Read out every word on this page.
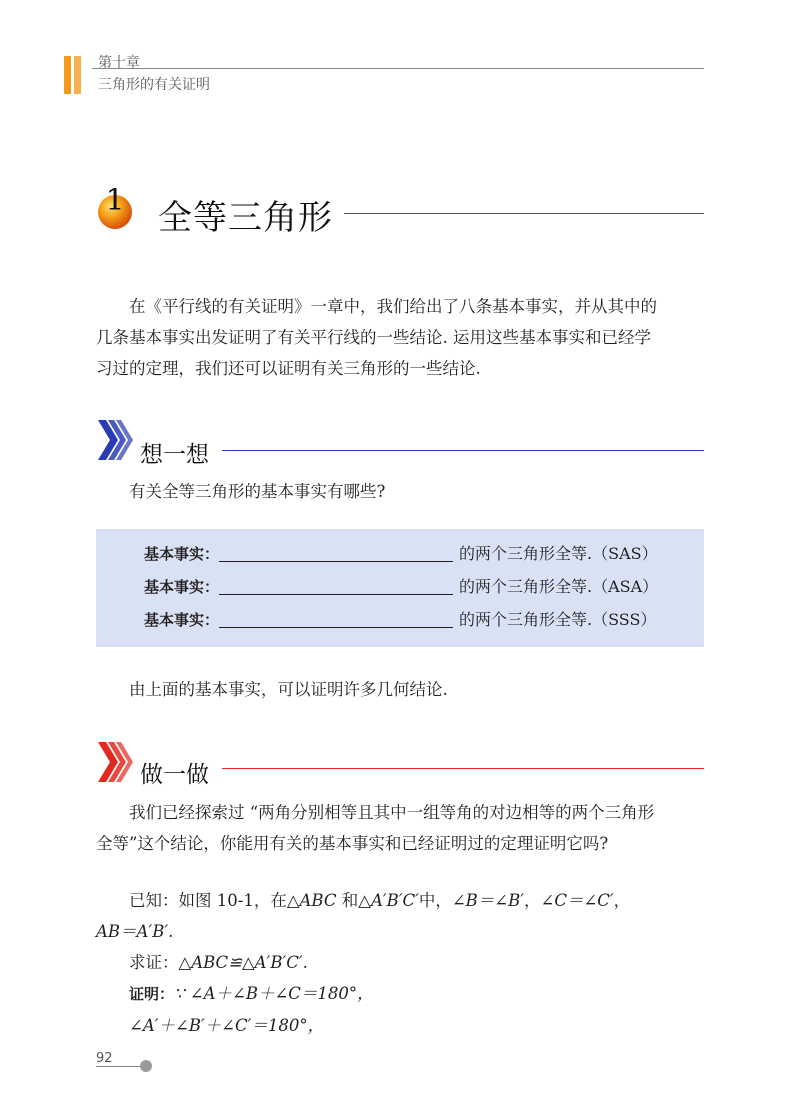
第十章
三角形的有关证明
1 全等三角形

在《平行线的有关证明》一章中，我们给出了八条基本事实，并从其中的

几条基本事实出发证明了有关平行线的一些结论. 运用这些基本事实和已经学

习过的定理，我们还可以证明有关三角形的一些结论.

想一想

有关全等三角形的基本事实有哪些?

基本事实：	的两个三角形全等.（SAS）
基本事实：	的两个三角形全等.（ASA）
基本事实：	的两个三角形全等.（SSS）

由上面的基本事实，可以证明许多几何结论.

做一做

我们已经探索过 “两角分别相等且其中一组等角的对边相等的两个三角形

全等”这个结论，你能用有关的基本事实和已经证明过的定理证明它吗?

已知：如图 10-1，在△ABC 和△A′B′C′中，∠B＝∠B′，∠C＝∠C′，

AB＝A′B′.

求证：△ABC≌△A′B′C′.

证明：∵ ∠A＋∠B＋∠C＝180°，

∠A′＋∠B′＋∠C′＝180°，

92
